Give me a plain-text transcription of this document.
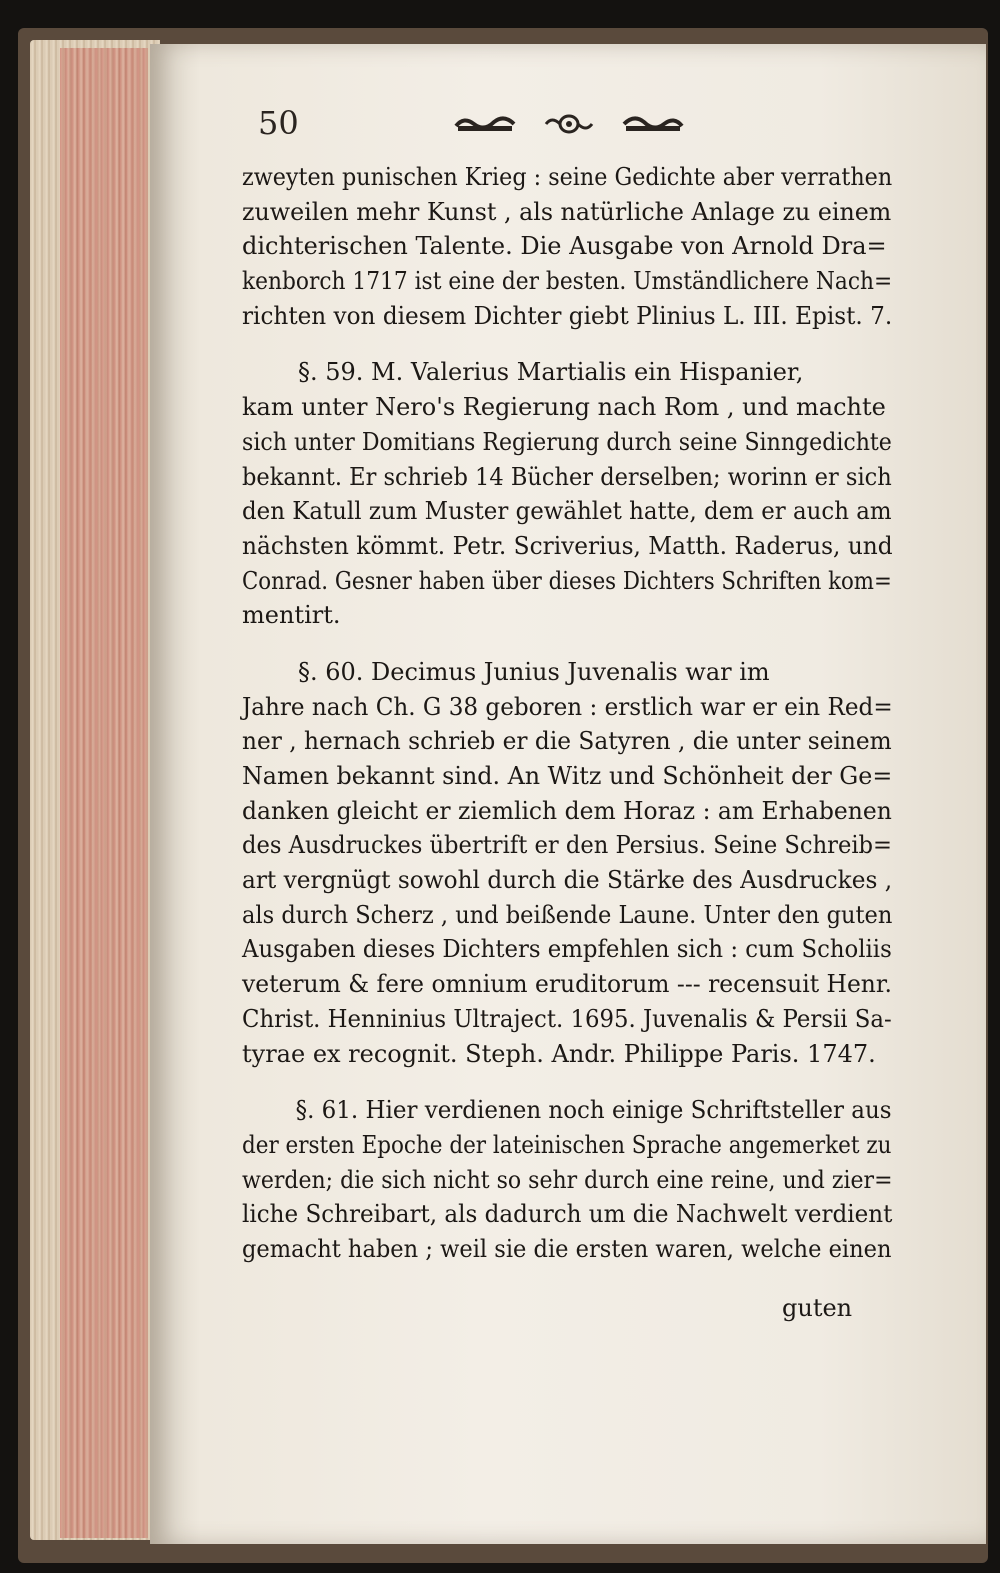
50
zweyten punischen Krieg : seine Gedichte aber verrathen
zuweilen mehr Kunst , als natürliche Anlage zu einem
dichterischen Talente. Die Ausgabe von Arnold Dra=
kenborch 1717 ist eine der besten. Umständlichere Nach=
richten von diesem Dichter giebt Plinius L. III. Epist. 7.
§. 59. M. Valerius Martialis ein Hispanier,
kam unter Nero's Regierung nach Rom , und machte
sich unter Domitians Regierung durch seine Sinngedichte
bekannt. Er schrieb 14 Bücher derselben; worinn er sich
den Katull zum Muster gewählet hatte, dem er auch am
nächsten kömmt. Petr. Scriverius, Matth. Raderus, und
Conrad. Gesner haben über dieses Dichters Schriften kom=
mentirt.
§. 60. Decimus Junius Juvenalis war im
Jahre nach Ch. G 38 geboren : erstlich war er ein Red=
ner , hernach schrieb er die Satyren , die unter seinem
Namen bekannt sind. An Witz und Schönheit der Ge=
danken gleicht er ziemlich dem Horaz : am Erhabenen
des Ausdruckes übertrift er den Persius. Seine Schreib=
art vergnügt sowohl durch die Stärke des Ausdruckes ,
als durch Scherz , und beißende Laune. Unter den guten
Ausgaben dieses Dichters empfehlen sich : cum Scholiis
veterum & fere omnium eruditorum --- recensuit Henr.
Christ. Henninius Ultraject. 1695. Juvenalis & Persii Sa-
tyrae ex recognit. Steph. Andr. Philippe Paris. 1747.
§. 61. Hier verdienen noch einige Schriftsteller aus
der ersten Epoche der lateinischen Sprache angemerket zu
werden; die sich nicht so sehr durch eine reine, und zier=
liche Schreibart, als dadurch um die Nachwelt verdient
gemacht haben ; weil sie die ersten waren, welche einen
guten
